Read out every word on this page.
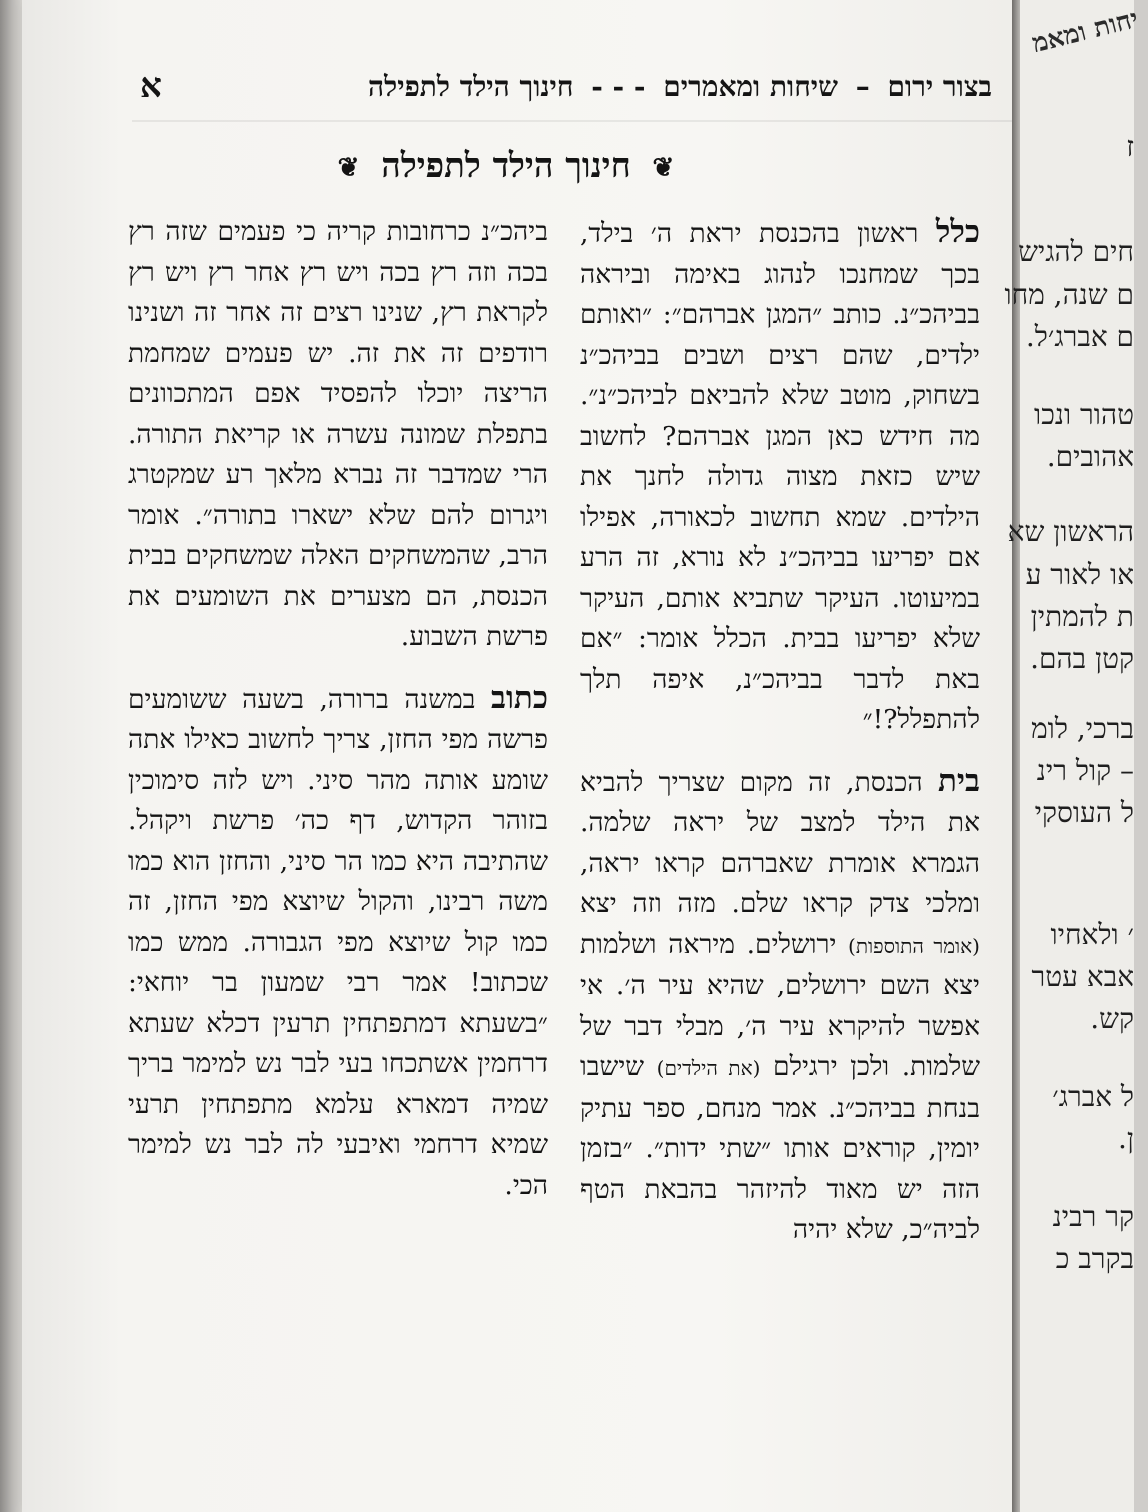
יחות ומאמ
ז
חים להגיש
ם שנה, מחו
ם אברג׳ל.
טהור ונכו
אהובים.
הראשון שא
או לאור ע
ת להמתין
קטן בהם.
ברכי, לומ
– קול רינ
ל העוסקי
׳ ולאחיו
אבא עטר
קש.
ל אברג׳
ן.
קר רבינ
בקרב כ
בצור ירום – שיחות ומאמרים - - - חינוך הילד לתפילה
א
❦ חינוך הילד לתפילה ❦

כלל ראשון בהכנסת יראת ה׳ בילד, בכך שמחנכו לנהוג באימה וביראה בביהכ״נ. כותב ״המגן אברהם״: ״ואותם ילדים, שהם רצים ושבים בביהכ״נ בשחוק, מוטב שלא להביאם לביהכ״נ״. מה חידש כאן המגן אברהם? לחשוב שיש כזאת מצוה גדולה לחנך את הילדים. שמא תחשוב לכאורה, אפילו אם יפריעו בביהכ״נ לא נורא, זה הרע במיעוטו. העיקר שתביא אותם, העיקר שלא יפריעו בבית. הכלל אומר: ״אם באת לדבר בביהכ״נ, איפה תלך להתפלל?!״

בית הכנסת, זה מקום שצריך להביא את הילד למצב של יראה שלמה. הגמרא אומרת שאברהם קראו יראה, ומלכי צדק קראו שלם. מזה וזה יצא (אומר התוספות) ירושלים. מיראה ושלמות יצא השם ירושלים, שהיא עיר ה׳. אי אפשר להיקרא עיר ה׳, מבלי דבר של שלמות. ולכן ירגילם (את הילדים) שישבו בנחת בביהכ״נ. אמר מנחם, ספר עתיק יומין, קוראים אותו ״שתי ידות״. ״בזמן הזה יש מאוד להיזהר בהבאת הטף לביה״כ, שלא יהיה

ביהכ״נ כרחובות קריה כי פעמים שזה רץ בכה וזה רץ בכה ויש רץ אחר רץ ויש רץ לקראת רץ, שנינו רצים זה אחר זה ושנינו רודפים זה את זה. יש פעמים שמחמת הריצה יוכלו להפסיד אפם המתכוונים בתפלת שמונה עשרה או קריאת התורה. הרי שמדבר זה נברא מלאך רע שמקטרג ויגרום להם שלא ישארו בתורה״. אומר הרב, שהמשחקים האלה שמשחקים בבית הכנסת, הם מצערים את השומעים את פרשת השבוע.

כתוב במשנה ברורה, בשעה ששומעים פרשה מפי החזן, צריך לחשוב כאילו אתה שומע אותה מהר סיני. ויש לזה סימוכין בזוהר הקדוש, דף כה׳ פרשת ויקהל. שהתיבה היא כמו הר סיני, והחזן הוא כמו משה רבינו, והקול שיוצא מפי החזן, זה כמו קול שיוצא מפי הגבורה. ממש כמו שכתוב! אמר רבי שמעון בר יוחאי: ״בשעתא דמתפתחין תרעין דכלא שעתא דרחמין אשתכחו בעי לבר נש למימר בריך שמיה דמארא עלמא מתפתחין תרעי שמיא דרחמי ואיבעי לה לבר נש למימר הכי.
